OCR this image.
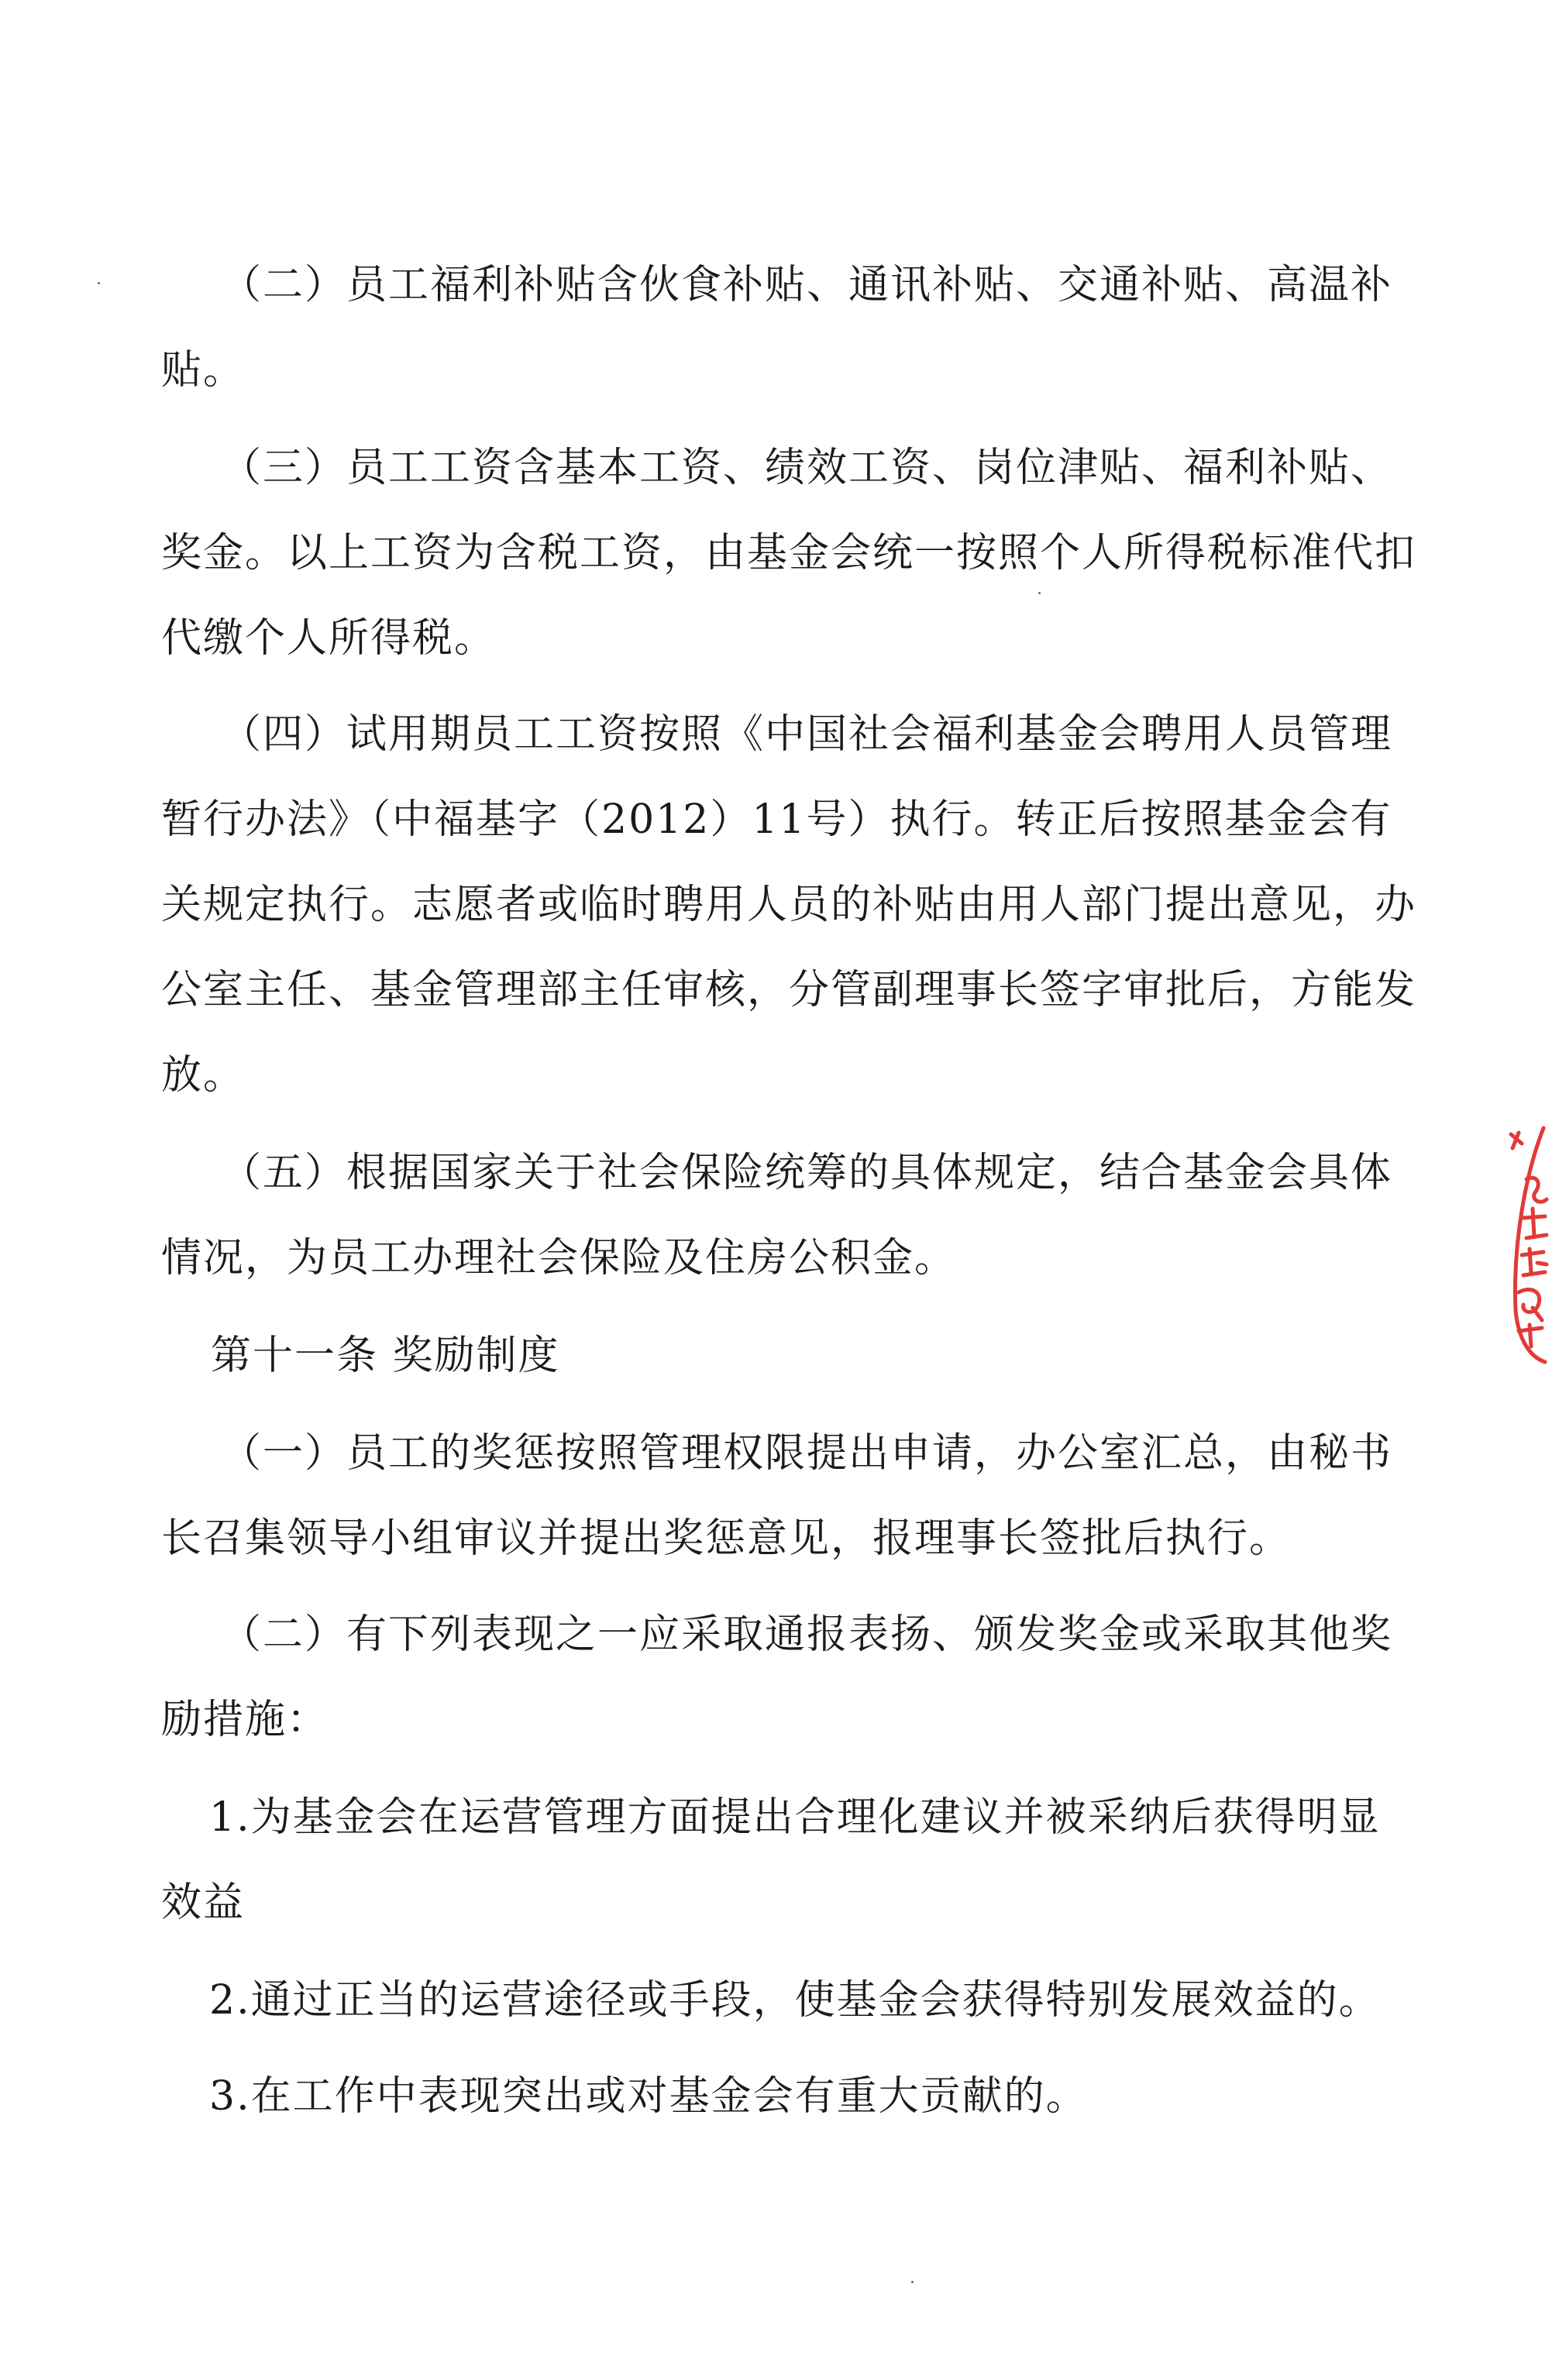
（二）员工福利补贴含伙食补贴、通讯补贴、交通补贴、高温补
贴。
（三）员工工资含基本工资、绩效工资、岗位津贴、福利补贴、
奖金。以上工资为含税工资，由基金会统一按照个人所得税标准代扣
代缴个人所得税。
（四）试用期员工工资按照《中国社会福利基金会聘用人员管理
暂行办法》（中福基字（2012）11号）执行。转正后按照基金会有
关规定执行。志愿者或临时聘用人员的补贴由用人部门提出意见，办
公室主任、基金管理部主任审核，分管副理事长签字审批后，方能发
放。
（五）根据国家关于社会保险统筹的具体规定，结合基金会具体
情况，为员工办理社会保险及住房公积金。
第十一条 奖励制度
（一）员工的奖惩按照管理权限提出申请，办公室汇总，由秘书
长召集领导小组审议并提出奖惩意见，报理事长签批后执行。
（二）有下列表现之一应采取通报表扬、颁发奖金或采取其他奖
励措施：
1.为基金会在运营管理方面提出合理化建议并被采纳后获得明显
效益
2.通过正当的运营途径或手段，使基金会获得特别发展效益的。
3.在工作中表现突出或对基金会有重大贡献的。
